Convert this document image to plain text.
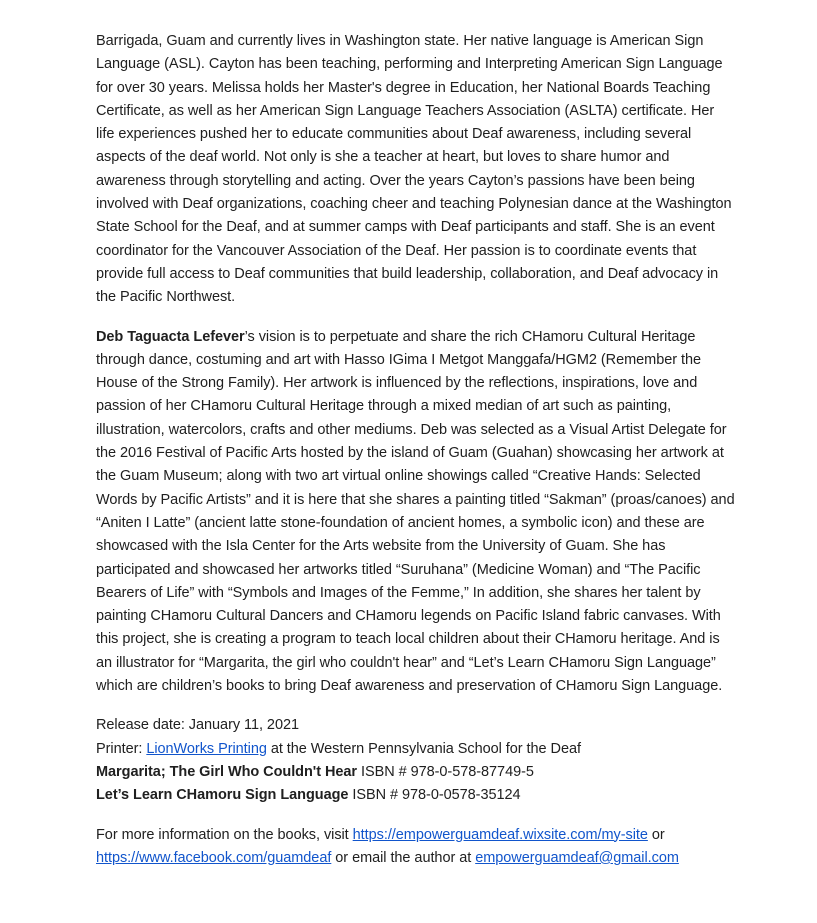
Barrigada, Guam and currently lives in Washington state. Her native language is American Sign Language (ASL). Cayton has been teaching, performing and Interpreting American Sign Language for over 30 years. Melissa holds her Master's degree in Education, her National Boards Teaching Certificate, as well as her American Sign Language Teachers Association (ASLTA) certificate. Her life experiences pushed her to educate communities about Deaf awareness, including several aspects of the deaf world. Not only is she a teacher at heart, but loves to share humor and awareness through storytelling and acting. Over the years Cayton’s passions have been being involved with Deaf organizations, coaching cheer and teaching Polynesian dance at the Washington State School for the Deaf, and at summer camps with Deaf participants and staff. She is an event coordinator for the Vancouver Association of the Deaf. Her passion is to coordinate events that provide full access to Deaf communities that build leadership, collaboration, and Deaf advocacy in the Pacific Northwest.

Deb Taguacta Lefever’s vision is to perpetuate and share the rich CHamoru Cultural Heritage through dance, costuming and art with Hasso IGima I Metgot Manggafa/HGM2 (Remember the House of the Strong Family). Her artwork is influenced by the reflections, inspirations, love and passion of her CHamoru Cultural Heritage through a mixed median of art such as painting, illustration, watercolors, crafts and other mediums. Deb was selected as a Visual Artist Delegate for the 2016 Festival of Pacific Arts hosted by the island of Guam (Guahan) showcasing her artwork at the Guam Museum; along with two art virtual online showings called “Creative Hands: Selected Words by Pacific Artists” and it is here that she shares a painting titled “Sakman” (proas/canoes) and “Aniten I Latte” (ancient latte stone-foundation of ancient homes, a symbolic icon) and these are showcased with the Isla Center for the Arts website from the University of Guam. She has participated and showcased her artworks titled “Suruhana” (Medicine Woman) and “The Pacific Bearers of Life” with “Symbols and Images of the Femme,” In addition, she shares her talent by painting CHamoru Cultural Dancers and CHamoru legends on Pacific Island fabric canvases. With this project, she is creating a program to teach local children about their CHamoru heritage. And is an illustrator for “Margarita, the girl who couldn't hear” and “Let’s Learn CHamoru Sign Language” which are children’s books to bring Deaf awareness and preservation of CHamoru Sign Language.

Release date: January 11, 2021

Printer: LionWorks Printing at the Western Pennsylvania School for the Deaf

Margarita; The Girl Who Couldn't Hear ISBN # 978-0-578-87749-5

Let’s Learn CHamoru Sign Language ISBN # 978-0-0578-35124

For more information on the books, visit https://empowerguamdeaf.wixsite.com/my-site or https://www.facebook.com/guamdeaf or email the author at empowerguamdeaf@gmail.com
